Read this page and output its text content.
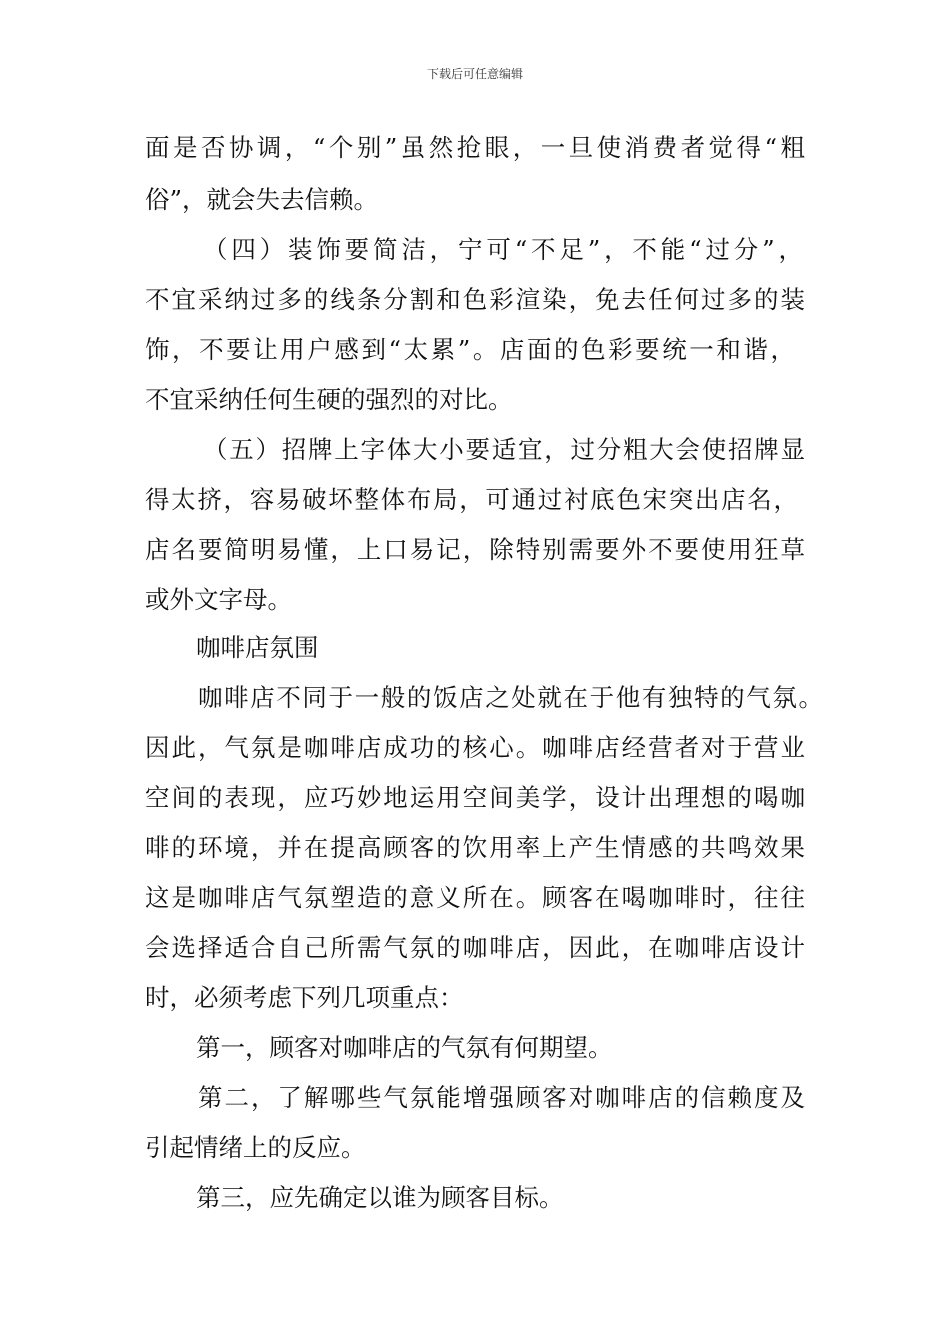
下载后可任意编辑
面是否协调，“个别”虽然抢眼，一旦使消费者觉得“粗
俗”，就会失去信赖。
（四）装饰要简洁，宁可“不足”，不能“过分”，
不宜采纳过多的线条分割和色彩渲染，免去任何过多的装
饰，不要让用户感到“太累”。店面的色彩要统一和谐，
不宜采纳任何生硬的强烈的对比。
（五）招牌上字体大小要适宜，过分粗大会使招牌显
得太挤，容易破坏整体布局，可通过衬底色宋突出店名，
店名要简明易懂，上口易记，除特别需要外不要使用狂草
或外文字母。
咖啡店氛围
咖啡店不同于一般的饭店之处就在于他有独特的气氛。
因此，气氛是咖啡店成功的核心。咖啡店经营者对于营业
空间的表现，应巧妙地运用空间美学，设计出理想的喝咖
啡的环境，并在提高顾客的饮用率上产生情感的共鸣效果
这是咖啡店气氛塑造的意义所在。顾客在喝咖啡时，往往
会选择适合自己所需气氛的咖啡店，因此，在咖啡店设计
时，必须考虑下列几项重点：
第一，顾客对咖啡店的气氛有何期望。
第二，了解哪些气氛能增强顾客对咖啡店的信赖度及
引起情绪上的反应。
第三，应先确定以谁为顾客目标。
